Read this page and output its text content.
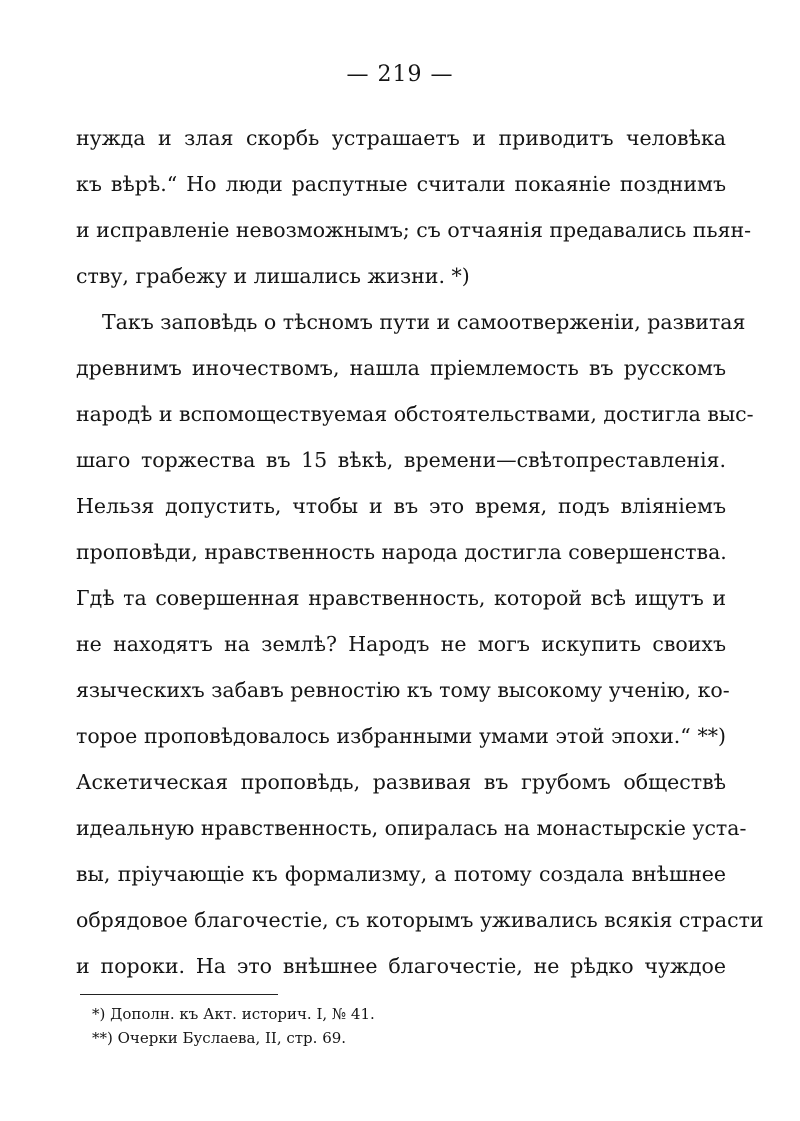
— 219 —
нужда и злая скорбь устрашаетъ и приводитъ человѣка
къ вѣрѣ.“ Но люди распутные считали покаяніе позднимъ
и исправленіе невозможнымъ; съ отчаянія предавались пьян-
ству, грабежу и лишались жизни. *)
Такъ заповѣдь о тѣсномъ пути и самоотверженіи, развитая
древнимъ иночествомъ, нашла пріемлемость въ русскомъ
народѣ и вспомоществуемая обстоятельствами, достигла выс-
шаго торжества въ 15 вѣкѣ, времени—свѣтопреставленія.
Нельзя допустить, чтобы и въ это время, подъ вліяніемъ
проповѣди, нравственность народа достигла совершенства.
Гдѣ та совершенная нравственность, которой всѣ ищутъ и
не находятъ на землѣ? Народъ не могъ искупить своихъ
языческихъ забавъ ревностію къ тому высокому ученію, ко-
торое проповѣдовалось избранными умами этой эпохи.“ **)
Аскетическая проповѣдь, развивая въ грубомъ обществѣ
идеальную нравственность, опиралась на монастырскіе уста-
вы, пріучающіе къ формализму, а потому создала внѣшнее
обрядовое благочестіе, съ которымъ уживались всякія страсти
и пороки. На это внѣшнее благочестіе, не рѣдко чуждое
*) Дополн. къ Акт. историч. I, № 41.
**) Очерки Буслаева, II, стр. 69.
